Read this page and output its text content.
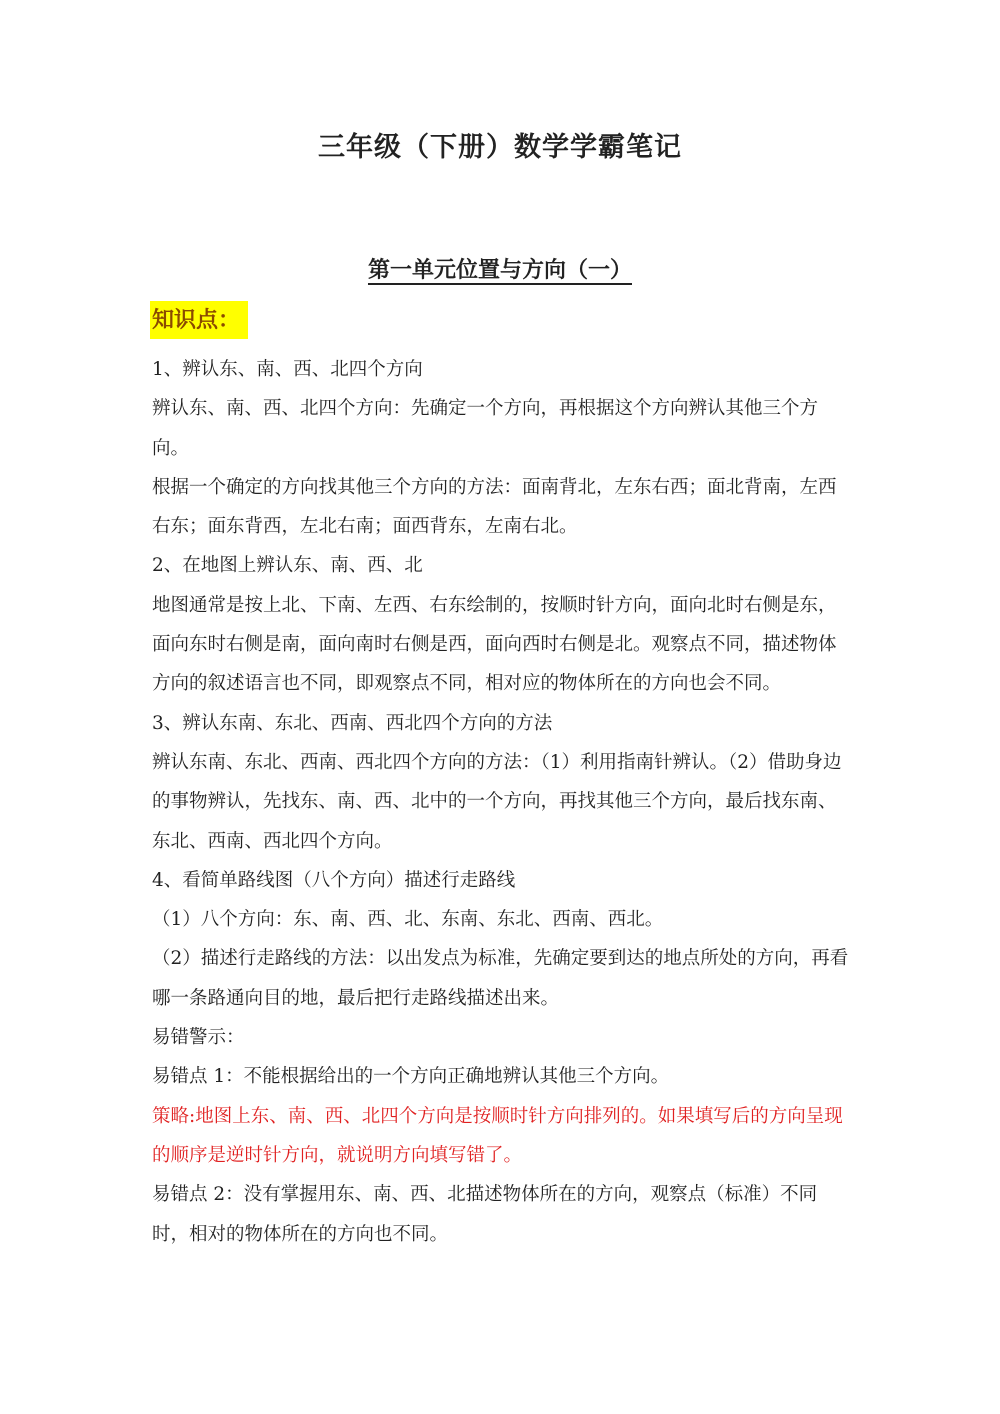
三年级（下册）数学学霸笔记
第一单元位置与方向（一）
知识点：

1、辨认东、南、西、北四个方向

辨认东、南、西、北四个方向：先确定一个方向，再根据这个方向辨认其他三个方向。

根据一个确定的方向找其他三个方向的方法：面南背北，左东右西；面北背南，左西右东；面东背西，左北右南；面西背东，左南右北。

2、在地图上辨认东、南、西、北

地图通常是按上北、下南、左西、右东绘制的，按顺时针方向，面向北时右侧是东，面向东时右侧是南，面向南时右侧是西，面向西时右侧是北。观察点不同，描述物体方向的叙述语言也不同，即观察点不同，相对应的物体所在的方向也会不同。

3、辨认东南、东北、西南、西北四个方向的方法

辨认东南、东北、西南、西北四个方向的方法：（1）利用指南针辨认。（2）借助身边的事物辨认，先找东、南、西、北中的一个方向，再找其他三个方向，最后找东南、东北、西南、西北四个方向。

4、看简单路线图（八个方向）描述行走路线

（1）八个方向：东、南、西、北、东南、东北、西南、西北。

（2）描述行走路线的方法：以出发点为标准，先确定要到达的地点所处的方向，再看哪一条路通向目的地，最后把行走路线描述出来。

易错警示：

易错点 1：不能根据给出的一个方向正确地辨认其他三个方向。

策略:地图上东、南、西、北四个方向是按顺时针方向排列的。如果填写后的方向呈现的顺序是逆时针方向，就说明方向填写错了。

易错点 2：没有掌握用东、南、西、北描述物体所在的方向，观察点（标准）不同时，相对的物体所在的方向也不同。
